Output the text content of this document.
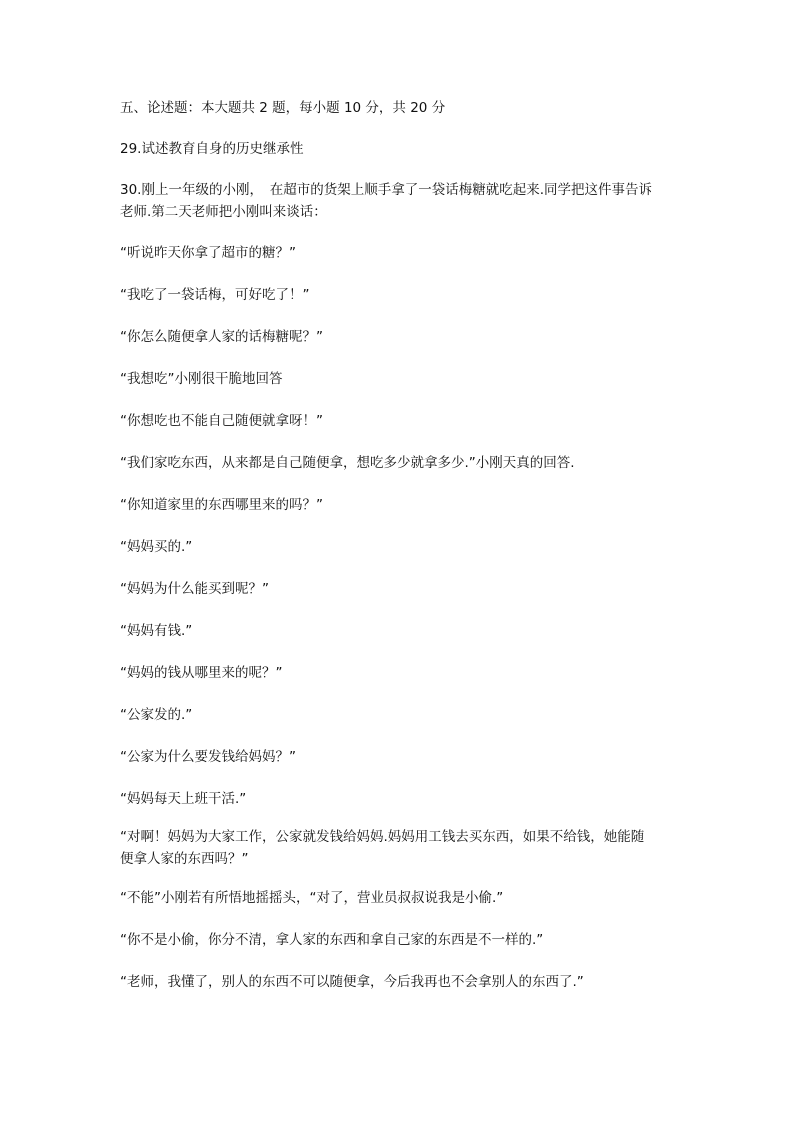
五、论述题：本大题共 2 题，每小题 10 分，共 20 分
29.试述教育自身的历史继承性
30.刚上一年级的小刚，　在超市的货架上顺手拿了一袋话梅糖就吃起来.同学把这件事告诉
老师.第二天老师把小刚叫来谈话：
“听说昨天你拿了超市的糖？”
“我吃了一袋话梅，可好吃了！”
“你怎么随便拿人家的话梅糖呢？”
“我想吃”小刚很干脆地回答
“你想吃也不能自己随便就拿呀！”
“我们家吃东西，从来都是自己随便拿，想吃多少就拿多少.”小刚天真的回答.
“你知道家里的东西哪里来的吗？”
“妈妈买的.”
“妈妈为什么能买到呢？”
“妈妈有钱.”
“妈妈的钱从哪里来的呢？”
“公家发的.”
“公家为什么要发钱给妈妈？”
“妈妈每天上班干活.”
“对啊！妈妈为大家工作，公家就发钱给妈妈.妈妈用工钱去买东西，如果不给钱，她能随
便拿人家的东西吗？”
“不能”小刚若有所悟地摇摇头，“对了，营业员叔叔说我是小偷.”
“你不是小偷，你分不清，拿人家的东西和拿自己家的东西是不一样的.”
“老师，我懂了，别人的东西不可以随便拿，今后我再也不会拿别人的东西了.”
